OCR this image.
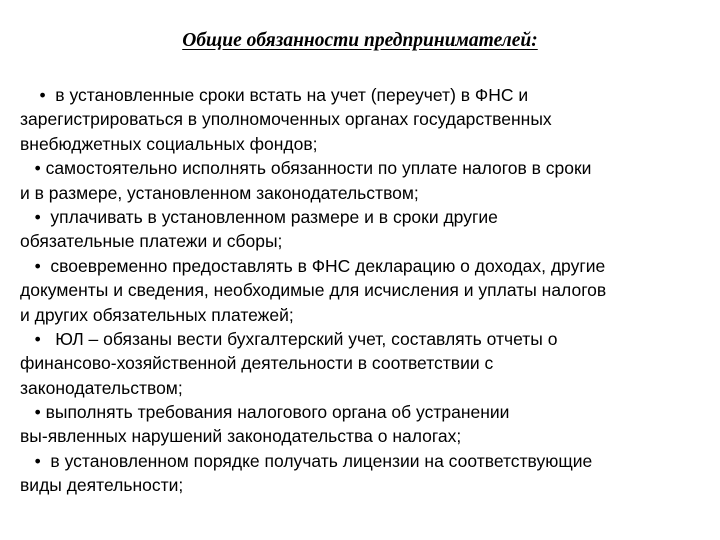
Общие обязанности предпринимателей:
•  в установленные сроки встать на учет (переучет) в ФНС и
зарегистрироваться в уполномоченных органах государственных
внебюджетных социальных фондов;
• самостоятельно исполнять обязанности по уплате налогов в сроки
и в размере, установленном законодательством;
•  уплачивать в установленном размере и в сроки другие
обязательные платежи и сборы;
•  своевременно предоставлять в ФНС декларацию о доходах, другие
документы и сведения, необходимые для исчисления и уплаты налогов
и других обязательных платежей;
•   ЮЛ – обязаны вести бухгалтерский учет, составлять отчеты о
финансово-хозяйственной деятельности в соответствии с
законодательством;
• выполнять требования налогового органа об устранении
вы-явленных нарушений законодательства о налогах;
•  в установленном порядке получать лицензии на соответствующие
виды деятельности;
